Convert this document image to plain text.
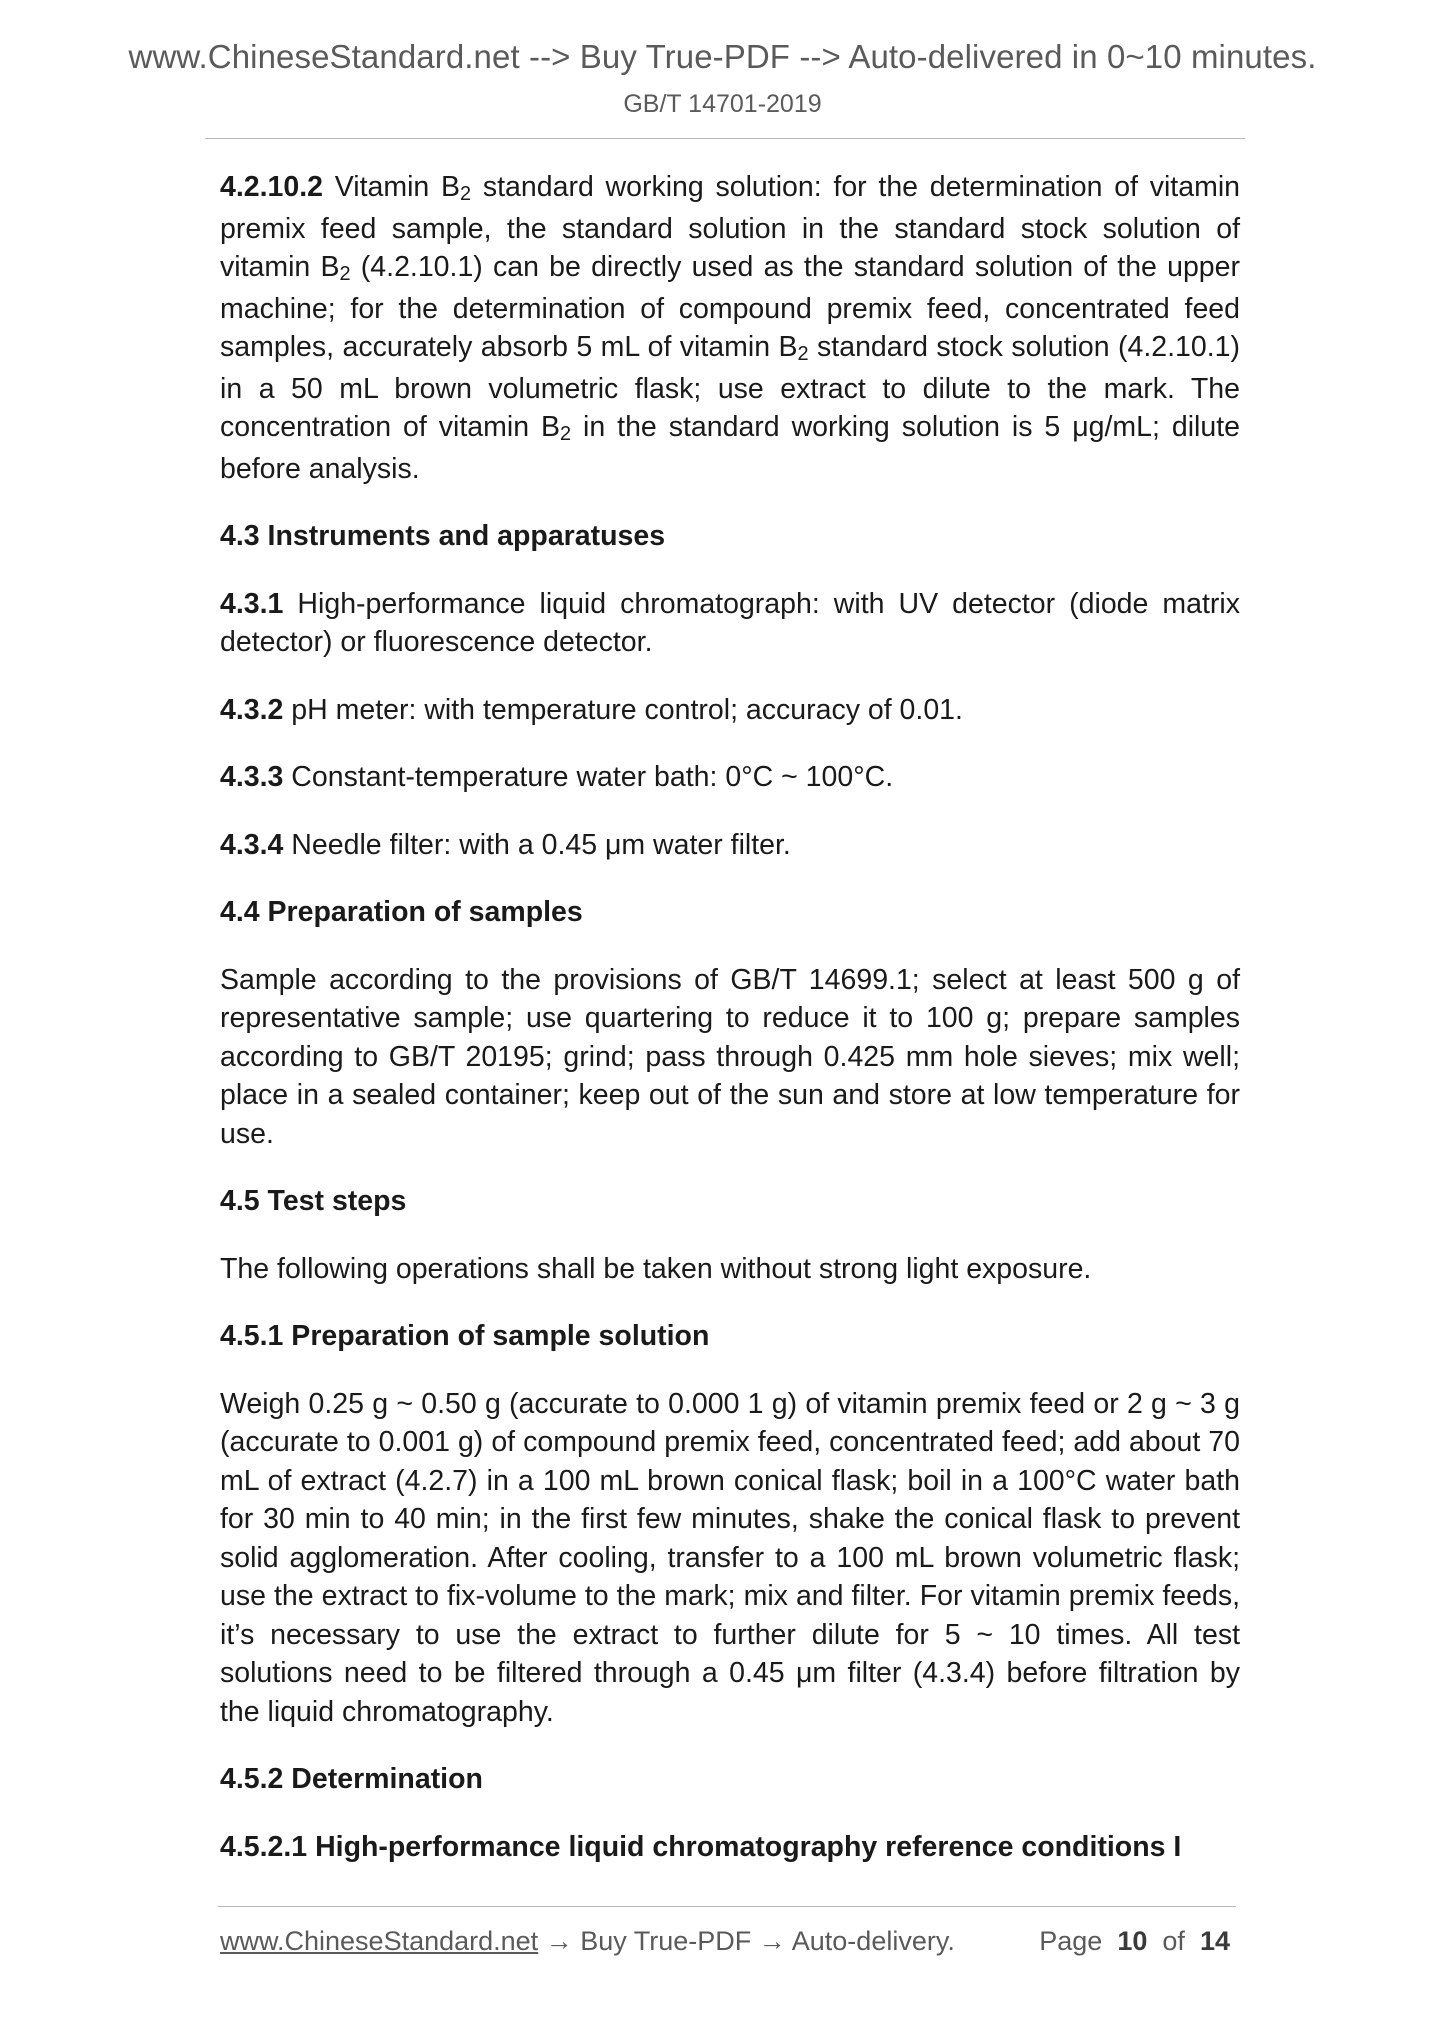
www.ChineseStandard.net --> Buy True-PDF --> Auto-delivered in 0~10 minutes.
GB/T 14701-2019

4.2.10.2 Vitamin $B_2$ standard working solution: for the determination of vitamin premix feed sample, the standard solution in the standard stock solution of vitamin $B_2$ (4.2.10.1) can be directly used as the standard solution of the upper machine; for the determination of compound premix feed, concentrated feed samples, accurately absorb 5 mL of vitamin $B_2$ standard stock solution (4.2.10.1) in a 50 mL brown volumetric flask; use extract to dilute to the mark. The concentration of vitamin $B_2$ in the standard working solution is 5 μg/mL; dilute before analysis.

4.3 Instruments and apparatuses

4.3.1 High-performance liquid chromatograph: with UV detector (diode matrix detector) or fluorescence detector.

4.3.2 pH meter: with temperature control; accuracy of 0.01.

4.3.3 Constant-temperature water bath: 0°C ~ 100°C.

4.3.4 Needle filter: with a 0.45 μm water filter.

4.4 Preparation of samples

Sample according to the provisions of GB/T 14699.1; select at least 500 g of representative sample; use quartering to reduce it to 100 g; prepare samples according to GB/T 20195; grind; pass through 0.425 mm hole sieves; mix well; place in a sealed container; keep out of the sun and store at low temperature for use.

4.5 Test steps

The following operations shall be taken without strong light exposure.

4.5.1 Preparation of sample solution

Weigh 0.25 g ~ 0.50 g (accurate to 0.000 1 g) of vitamin premix feed or 2 g ~ 3 g (accurate to 0.001 g) of compound premix feed, concentrated feed; add about 70 mL of extract (4.2.7) in a 100 mL brown conical flask; boil in a 100°C water bath for 30 min to 40 min; in the first few minutes, shake the conical flask to prevent solid agglomeration. After cooling, transfer to a 100 mL brown volumetric flask; use the extract to fix-volume to the mark; mix and filter. For vitamin premix feeds, it’s necessary to use the extract to further dilute for 5 ~ 10 times. All test solutions need to be filtered through a 0.45 μm filter (4.3.4) before filtration by the liquid chromatography.

4.5.2 Determination

4.5.2.1 High-performance liquid chromatography reference conditions I

www.ChineseStandard.net → Buy True-PDF → Auto-delivery.	Page 10 of 14
